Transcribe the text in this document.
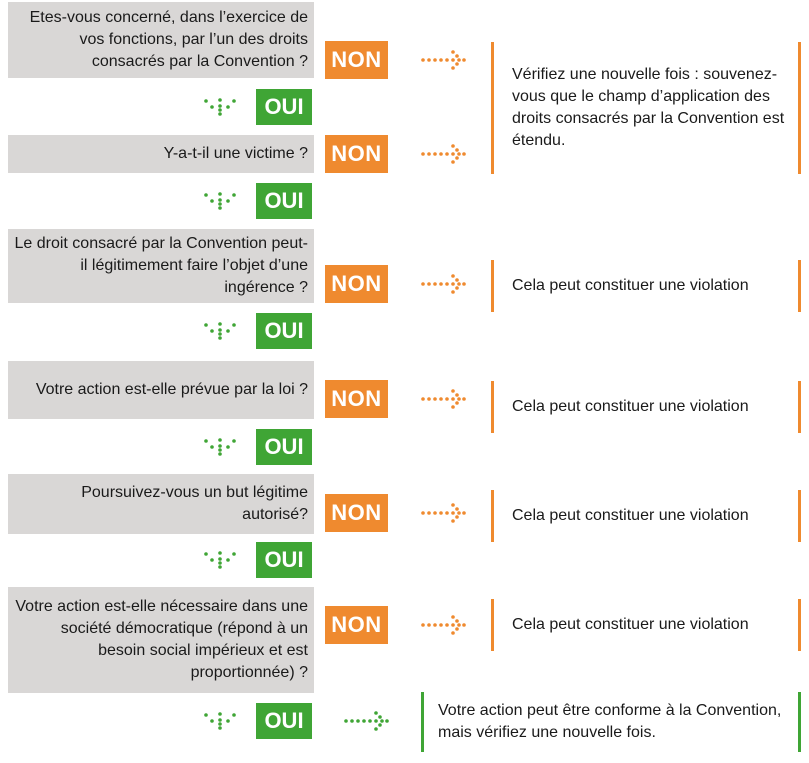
Etes-vous concerné, dans l’exercice de vos fonctions, par l’un des droits consacrés par la Convention ? NON
OUI
Y-a-t-il une victime ? NON
Vérifiez une nouvelle fois : souvenez-vous que le champ d’application des droits consacrés par la Convention est étendu.
OUI
Le droit consacré par la Convention peut-il légitimement faire l’objet d’une ingérence ? NON	Cela peut constituer une violation
OUI
Votre action est-elle prévue par la loi ? NON	Cela peut constituer une violation
OUI
Poursuivez-vous un but légitime autorisé? NON	Cela peut constituer une violation
OUI
Votre action est-elle nécessaire dans une société démocratique (répond à un besoin social impérieux et est proportionnée) ?
NON	Cela peut constituer une violation
OUI	Votre action peut être conforme à la Convention, mais vérifiez une nouvelle fois.
